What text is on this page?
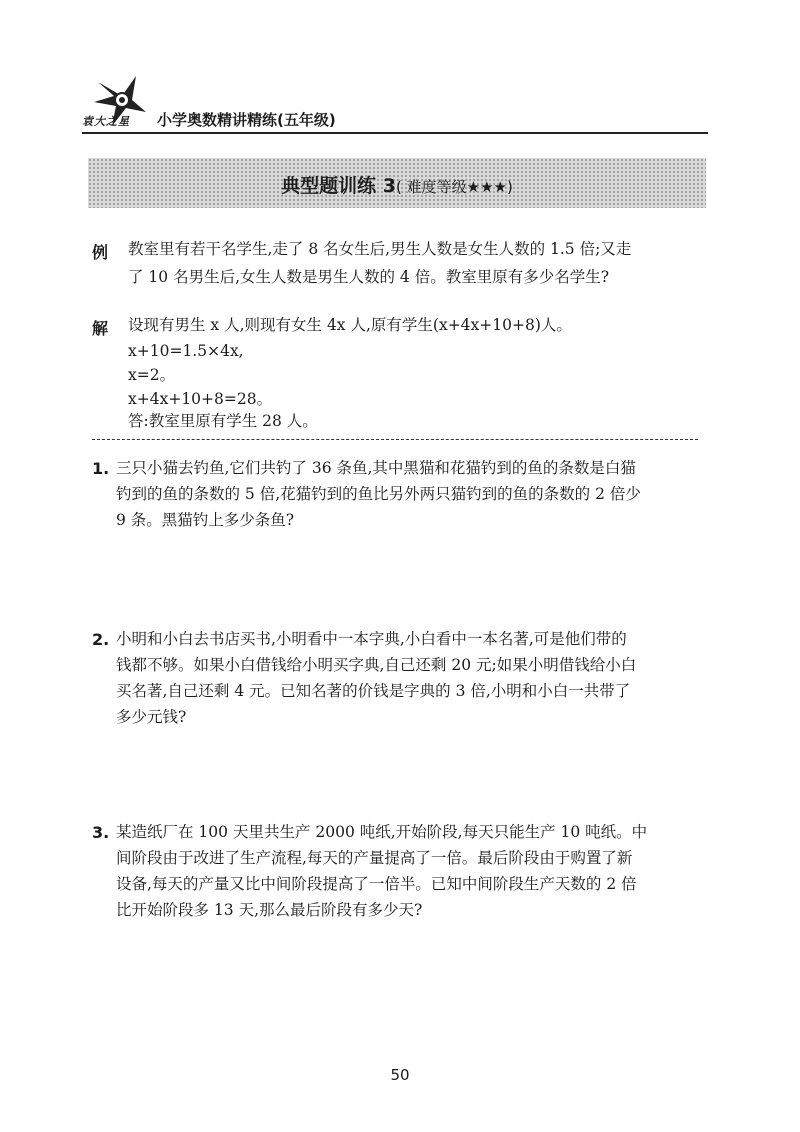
袁大之星 小学奥数精讲精练(五年级)
典型题训练 3( 难度等级★★★)
例 教室里有若干名学生,走了 8 名女生后,男生人数是女生人数的 1.5 倍;又走
了 10 名男生后,女生人数是男生人数的 4 倍。教室里原有多少名学生?
解 设现有男生 x 人,则现有女生 4x 人,原有学生(x+4x+10+8)人。
x+10=1.5×4x,
x=2。
x+4x+10+8=28。
答:教室里原有学生 28 人。
1. 三只小猫去钓鱼,它们共钓了 36 条鱼,其中黑猫和花猫钓到的鱼的条数是白猫
钓到的鱼的条数的 5 倍,花猫钓到的鱼比另外两只猫钓到的鱼的条数的 2 倍少
9 条。黑猫钓上多少条鱼?
2. 小明和小白去书店买书,小明看中一本字典,小白看中一本名著,可是他们带的
钱都不够。如果小白借钱给小明买字典,自己还剩 20 元;如果小明借钱给小白
买名著,自己还剩 4 元。已知名著的价钱是字典的 3 倍,小明和小白一共带了
多少元钱?
3. 某造纸厂在 100 天里共生产 2000 吨纸,开始阶段,每天只能生产 10 吨纸。中
间阶段由于改进了生产流程,每天的产量提高了一倍。最后阶段由于购置了新
设备,每天的产量又比中间阶段提高了一倍半。已知中间阶段生产天数的 2 倍
比开始阶段多 13 天,那么最后阶段有多少天?
50
